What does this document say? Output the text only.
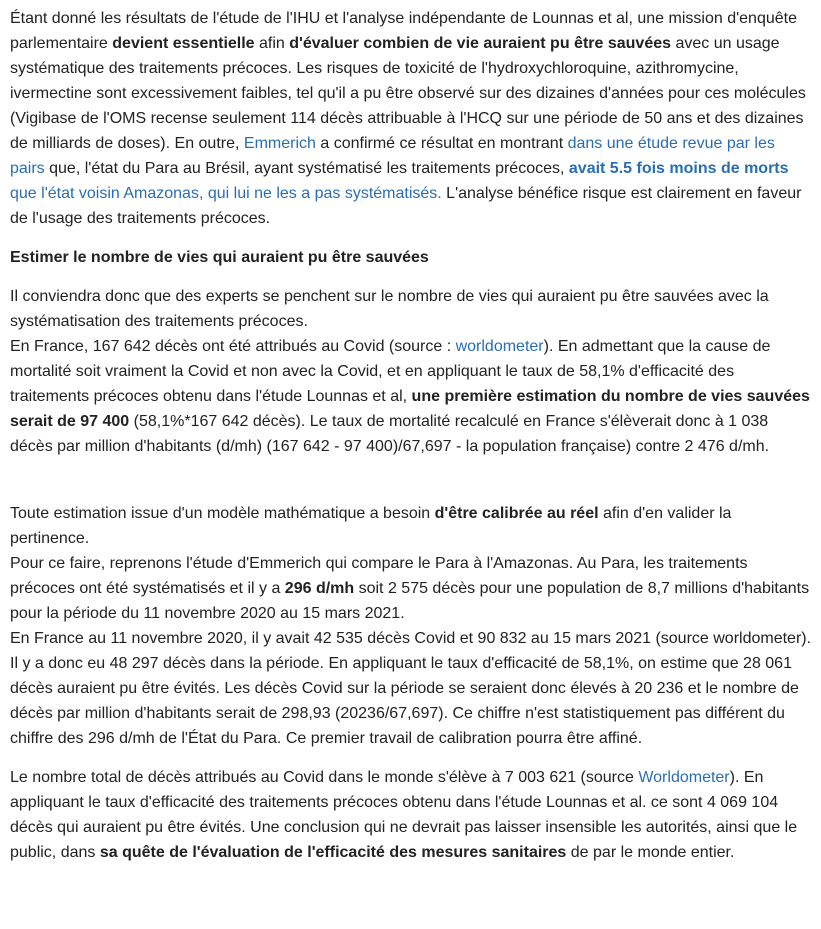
Étant donné les résultats de l'étude de l'IHU et l'analyse indépendante de Lounnas et al, une mission d'enquête parlementaire devient essentielle afin d'évaluer combien de vie auraient pu être sauvées avec un usage systématique des traitements précoces. Les risques de toxicité de l'hydroxychloroquine, azithromycine, ivermectine sont excessivement faibles, tel qu'il a pu être observé sur des dizaines d'années pour ces molécules (Vigibase de l'OMS recense seulement 114 décès attribuable à l'HCQ sur une période de 50 ans et des dizaines de milliards de doses). En outre, Emmerich a confirmé ce résultat en montrant dans une étude revue par les pairs que, l'état du Para au Brésil, ayant systématisé les traitements précoces, avait 5.5 fois moins de morts que l'état voisin Amazonas, qui lui ne les a pas systématisés. L'analyse bénéfice risque est clairement en faveur de l'usage des traitements précoces.

Estimer le nombre de vies qui auraient pu être sauvées

Il conviendra donc que des experts se penchent sur le nombre de vies qui auraient pu être sauvées avec la systématisation des traitements précoces.
En France, 167 642 décès ont été attribués au Covid (source : worldometer). En admettant que la cause de mortalité soit vraiment la Covid et non avec la Covid, et en appliquant le taux de 58,1% d'efficacité des traitements précoces obtenu dans l'étude Lounnas et al, une première estimation du nombre de vies sauvées serait de 97 400 (58,1%*167 642 décès). Le taux de mortalité recalculé en France s'élèverait donc à 1 038 décès par million d'habitants (d/mh) (167 642 - 97 400)/67,697 - la population française) contre 2 476 d/mh.

Toute estimation issue d'un modèle mathématique a besoin d'être calibrée au réel afin d'en valider la pertinence.
Pour ce faire, reprenons l'étude d'Emmerich qui compare le Para à l'Amazonas. Au Para, les traitements précoces ont été systématisés et il y a 296 d/mh soit 2 575 décès pour une population de 8,7 millions d'habitants pour la période du 11 novembre 2020 au 15 mars 2021.
En France au 11 novembre 2020, il y avait 42 535 décès Covid et 90 832 au 15 mars 2021 (source worldometer). Il y a donc eu 48 297 décès dans la période. En appliquant le taux d'efficacité de 58,1%, on estime que 28 061 décès auraient pu être évités. Les décès Covid sur la période se seraient donc élevés à 20 236 et le nombre de décès par million d'habitants serait de 298,93 (20236/67,697). Ce chiffre n'est statistiquement pas différent du chiffre des 296 d/mh de l'État du Para. Ce premier travail de calibration pourra être affiné.

Le nombre total de décès attribués au Covid dans le monde s'élève à 7 003 621 (source Worldometer). En appliquant le taux d'efficacité des traitements précoces obtenu dans l'étude Lounnas et al. ce sont 4 069 104 décès qui auraient pu être évités. Une conclusion qui ne devrait pas laisser insensible les autorités, ainsi que le public, dans sa quête de l'évaluation de l'efficacité des mesures sanitaires de par le monde entier.
